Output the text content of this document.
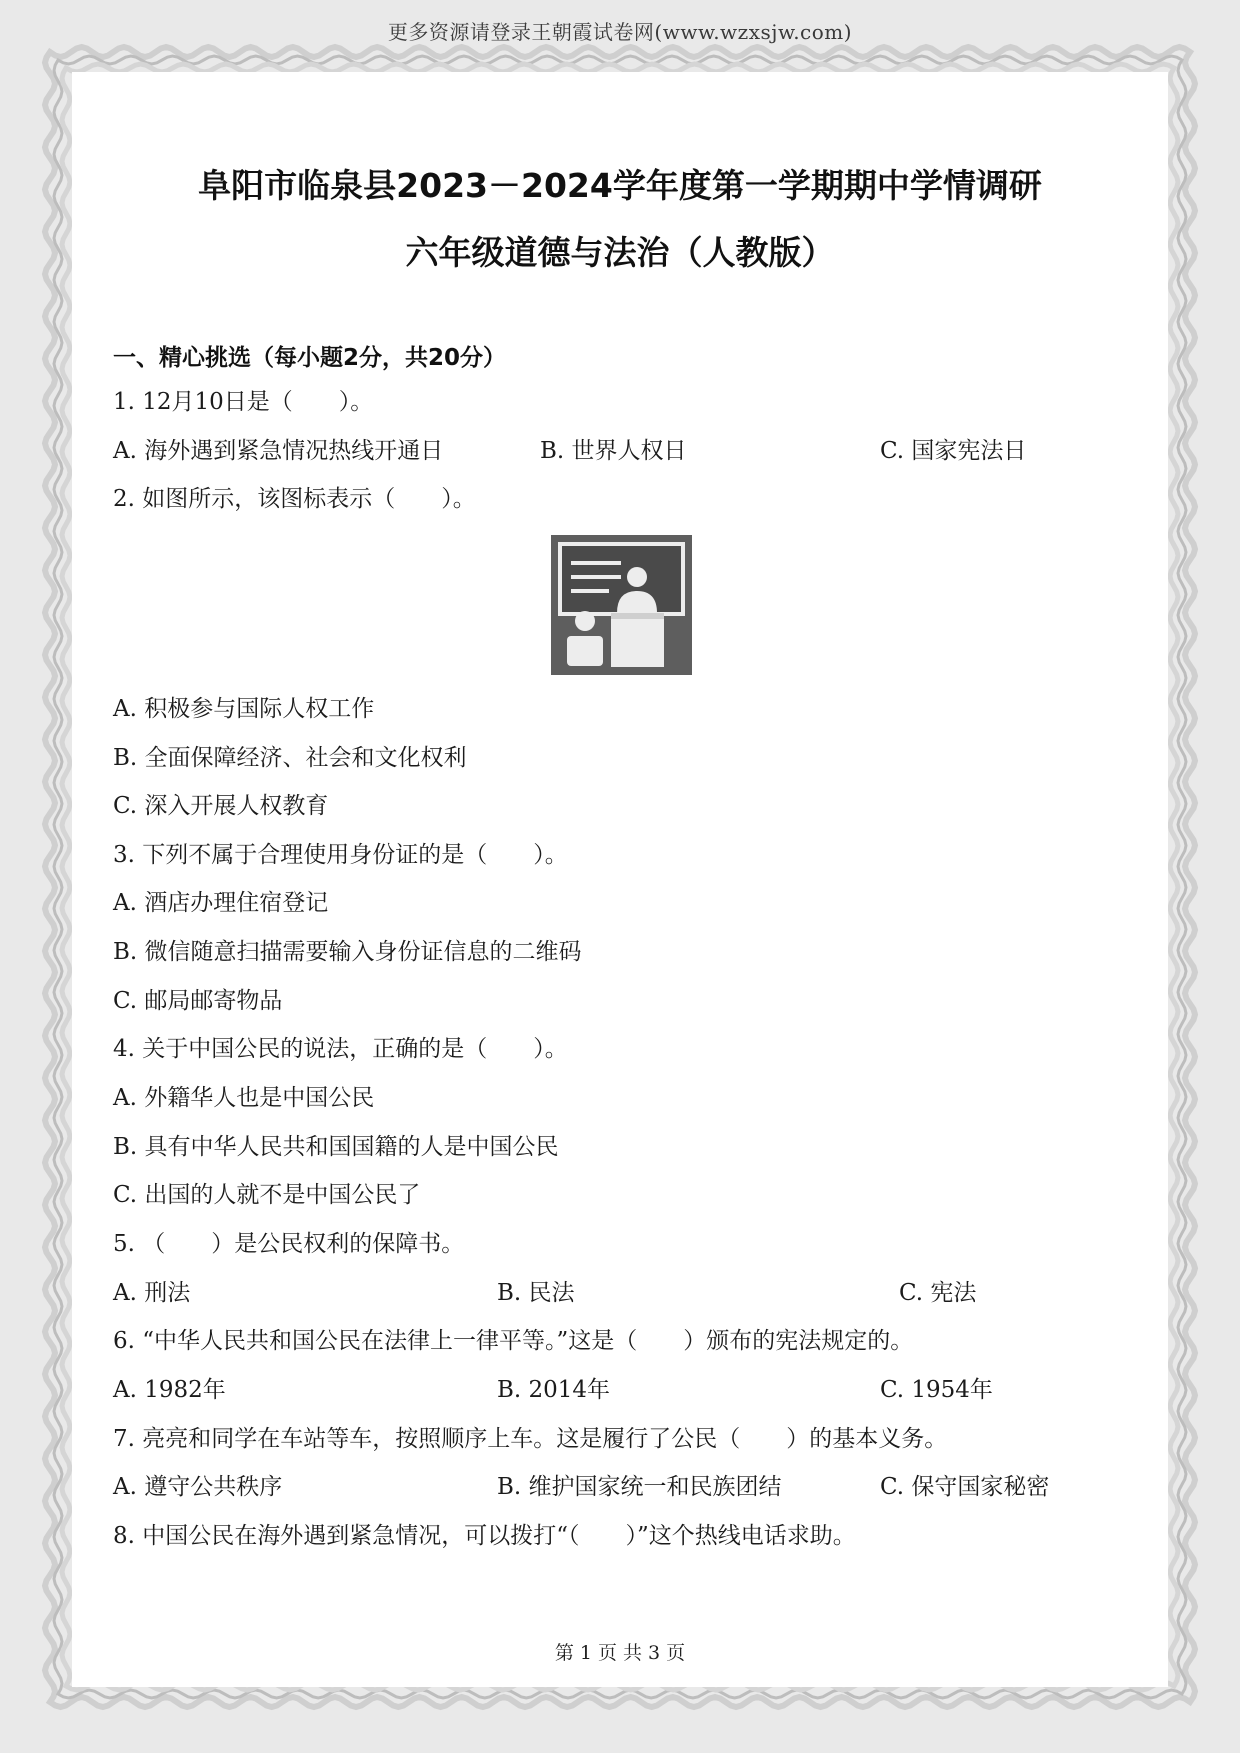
更多资源请登录王朝霞试卷网(www.wzxsjw.com)
阜阳市临泉县2023－2024学年度第一学期期中学情调研
六年级道德与法治（人教版）
一、精心挑选（每小题2分，共20分）
1. 12月10日是（　　）。
A. 海外遇到紧急情况热线开通日	B. 世界人权日	C. 国家宪法日
2. 如图所示，该图标表示（　　）。
A. 积极参与国际人权工作
B. 全面保障经济、社会和文化权利
C. 深入开展人权教育
3. 下列不属于合理使用身份证的是（　　）。
A. 酒店办理住宿登记
B. 微信随意扫描需要输入身份证信息的二维码
C. 邮局邮寄物品
4. 关于中国公民的说法，正确的是（　　）。
A. 外籍华人也是中国公民
B. 具有中华人民共和国国籍的人是中国公民
C. 出国的人就不是中国公民了
5. （　　）是公民权利的保障书。
A. 刑法	B. 民法	C. 宪法
6. “中华人民共和国公民在法律上一律平等。”这是（　　）颁布的宪法规定的。
A. 1982年	B. 2014年	C. 1954年
7. 亮亮和同学在车站等车，按照顺序上车。这是履行了公民（　　）的基本义务。
A. 遵守公共秩序	B. 维护国家统一和民族团结	C. 保守国家秘密
8. 中国公民在海外遇到紧急情况，可以拨打“（　　）”这个热线电话求助。
第 1 页 共 3 页
